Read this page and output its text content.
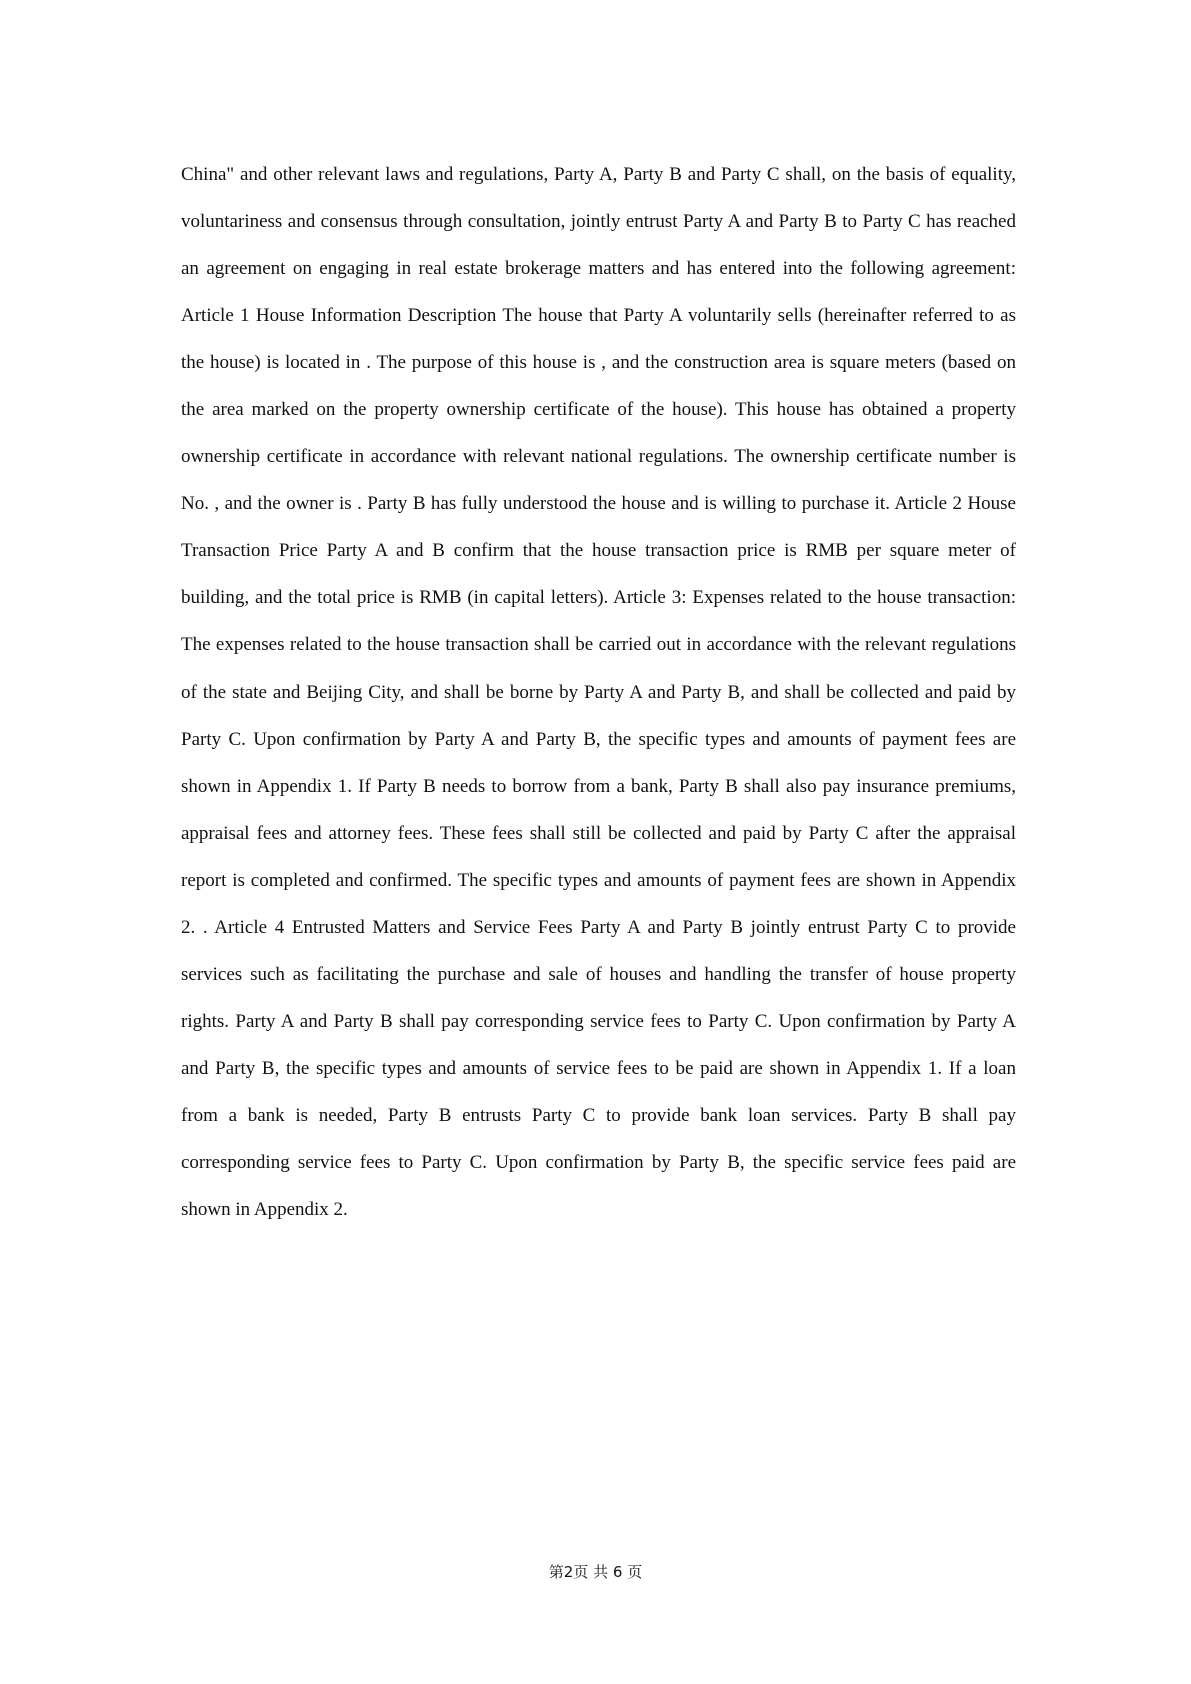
China" and other relevant laws and regulations, Party A, Party B and Party C shall, on the basis of equality, voluntariness and consensus through consultation, jointly entrust Party A and Party B to Party C has reached an agreement on engaging in real estate brokerage matters and has entered into the following agreement: Article 1 House Information Description The house that Party A voluntarily sells (hereinafter referred to as the house) is located in . The purpose of this house is , and the construction area is square meters (based on the area marked on the property ownership certificate of the house). This house has obtained a property ownership certificate in accordance with relevant national regulations. The ownership certificate number is No. , and the owner is . Party B has fully understood the house and is willing to purchase it. Article 2 House Transaction Price Party A and B confirm that the house transaction price is RMB per square meter of building, and the total price is RMB (in capital letters). Article 3: Expenses related to the house transaction: The expenses related to the house transaction shall be carried out in accordance with the relevant regulations of the state and Beijing City, and shall be borne by Party A and Party B, and shall be collected and paid by Party C. Upon confirmation by Party A and Party B, the specific types and amounts of payment fees are shown in Appendix 1. If Party B needs to borrow from a bank, Party B shall also pay insurance premiums, appraisal fees and attorney fees. These fees shall still be collected and paid by Party C after the appraisal report is completed and confirmed. The specific types and amounts of payment fees are shown in Appendix 2. . Article 4 Entrusted Matters and Service Fees Party A and Party B jointly entrust Party C to provide services such as facilitating the purchase and sale of houses and handling the transfer of house property rights. Party A and Party B shall pay corresponding service fees to Party C. Upon confirmation by Party A and Party B, the specific types and amounts of service fees to be paid are shown in Appendix 1. If a loan from a bank is needed, Party B entrusts Party C to provide bank loan services. Party B shall pay corresponding service fees to Party C. Upon confirmation by Party B, the specific service fees paid are shown in Appendix 2.

第2页 共 6 页
